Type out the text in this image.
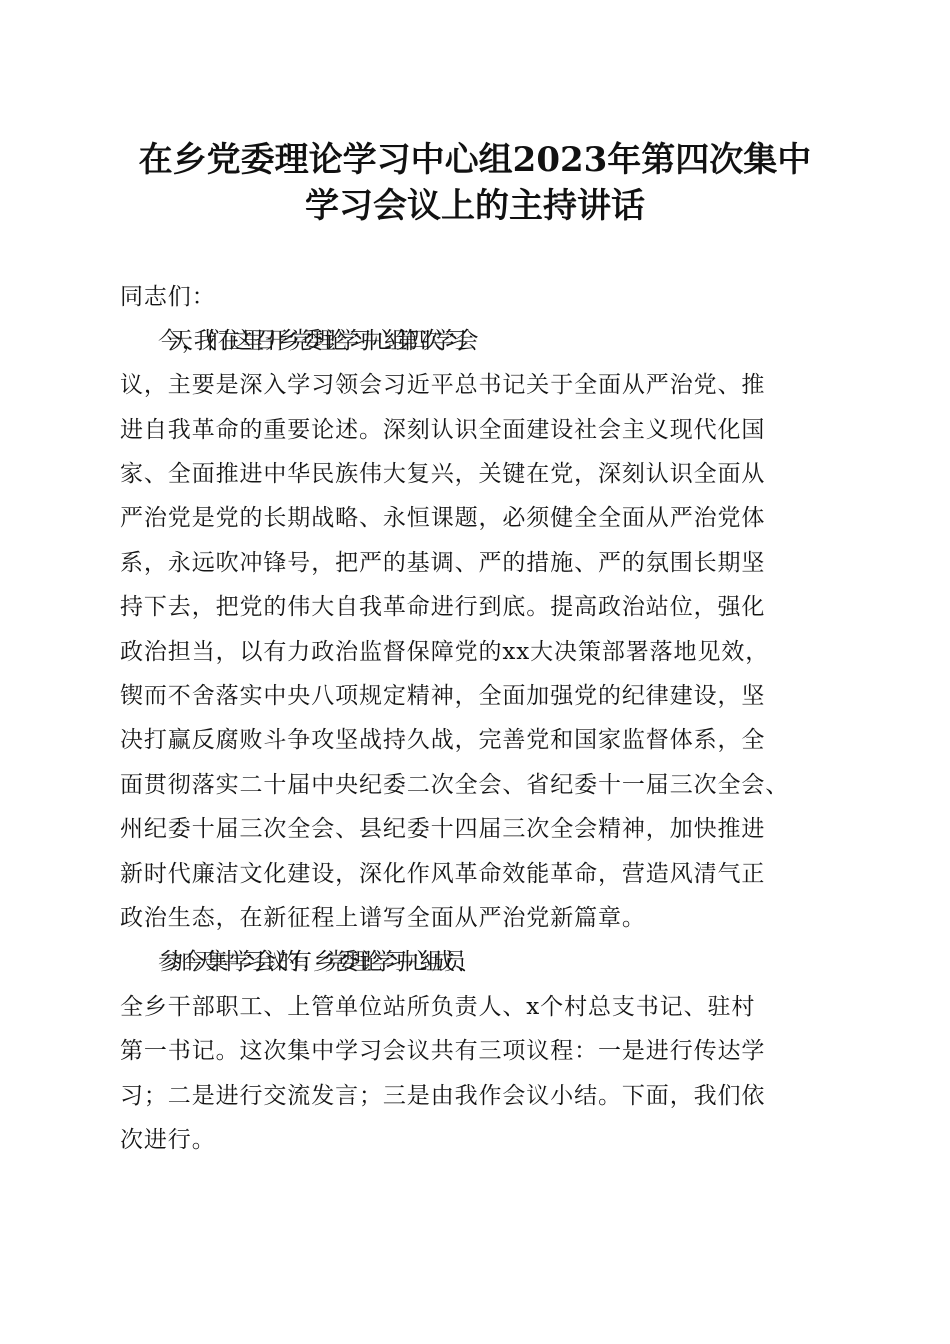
在乡党委理论学习中心组2023年第四次集中
学习会议上的主持讲话
同志们：
今天，我们在这里召开乡党委理论学习中心组第四次学习会
议，主要是深入学习领会习近平总书记关于全面从严治党、推
进自我革命的重要论述。深刻认识全面建设社会主义现代化国
家、全面推进中华民族伟大复兴，关键在党，深刻认识全面从
严治党是党的长期战略、永恒课题，必须健全全面从严治党体
系，永远吹冲锋号，把严的基调、严的措施、严的氛围长期坚
持下去，把党的伟大自我革命进行到底。提高政治站位，强化
政治担当，以有力政治监督保障党的xx大决策部署落地见效，
锲而不舍落实中央八项规定精神，全面加强党的纪律建设，坚
决打赢反腐败斗争攻坚战持久战，完善党和国家监督体系，全
面贯彻落实二十届中央纪委二次全会、省纪委十一届三次全会、
州纪委十届三次全会、县纪委十四届三次全会精神，加快推进
新时代廉洁文化建设，深化作风革命效能革命，营造风清气正
政治生态，在新征程上谱写全面从严治党新篇章。
参加今天集中学习会议的有：乡党委理论学习中心组成员、
全乡干部职工、上管单位站所负责人、x个村总支书记、驻村
第一书记。这次集中学习会议共有三项议程：一是进行传达学
习；二是进行交流发言；三是由我作会议小结。下面，我们依
次进行。
